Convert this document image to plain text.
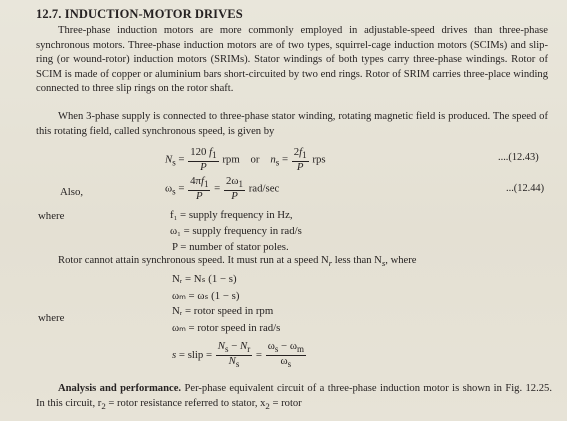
12.7. INDUCTION-MOTOR DRIVES
Three-phase induction motors are more commonly employed in adjustable-speed drives than three-phase synchronous motors. Three-phase induction motors are of two types, squirrel-cage induction motors (SCIMs) and slip-ring (or wound-rotor) induction motors (SRIMs). Stator windings of both types carry three-phase windings. Rotor of SCIM is made of copper or aluminium bars short-circuited by two end rings. Rotor of SRIM carries three-place winding connected to three slip rings on the rotor shaft.
When 3-phase supply is connected to three-phase stator winding, rotating magnetic field is produced. The speed of this rotating field, called synchronous speed, is given by
$N_s = \frac{120 f_1}{P}$ rpm or $n_s = \frac{2f_1}{P}$ rps	....(12.43)
Also,	$\omega_s = \frac{4\pi f_1}{P} = \frac{2\omega_1}{P} rad/\sec$	...(12.44)
where	f₁ = supply frequency in Hz,
ω₁ = supply frequency in rad/s
P = number of stator poles.
Rotor cannot attain synchronous speed. It must run at a speed $N_r$ less than $N_s$, where
Nᵣ = Nₛ (1 − s)
ωₘ = ωₛ (1 − s)
where
Nᵣ = rotor speed in rpm
ωₘ = rotor speed in rad/s
s = slip = $\frac{N_s - N_r}{N_s} = \frac{\omega_s - \omega_m}{\omega_s}$
Analysis and performance. Per-phase equivalent circuit of a three-phase induction motor is shown in Fig. 12.25. In this circuit, $r_2$ = rotor resistance referred to stator, $x_2$ = rotor
